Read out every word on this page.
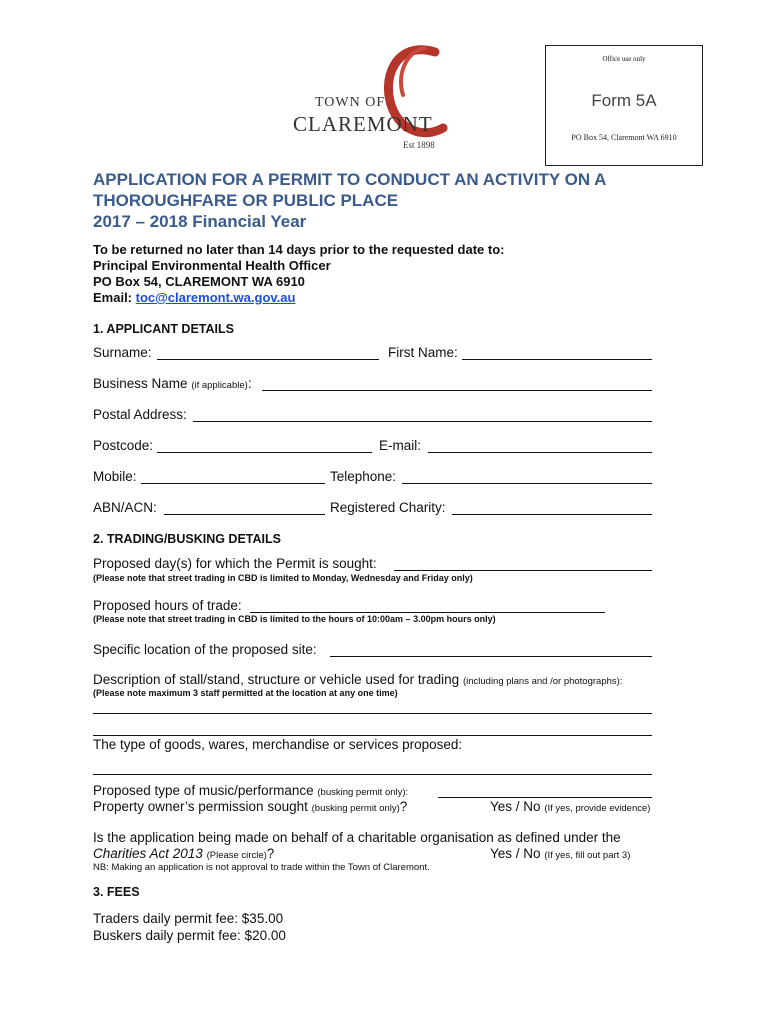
TOWN OF
CLAREMONT
Est 1898
Office use only
Form 5A
PO Box 54, Claremont WA 6910
APPLICATION FOR A PERMIT TO CONDUCT AN ACTIVITY ON A
THOROUGHFARE OR PUBLIC PLACE
2017 – 2018 Financial Year
To be returned no later than 14 days prior to the requested date to:
Principal Environmental Health Officer
PO Box 54, CLAREMONT WA 6910
Email: toc@claremont.wa.gov.au
1. APPLICANT DETAILS
Surname:	First Name:
Business Name (if applicable):
Postal Address:
Postcode:	E-mail:
Mobile:	Telephone:
ABN/ACN:	Registered Charity:
2. TRADING/BUSKING DETAILS
Proposed day(s) for which the Permit is sought:
(Please note that street trading in CBD is limited to Monday, Wednesday and Friday only)
Proposed hours of trade:
(Please note that street trading in CBD is limited to the hours of 10:00am – 3.00pm hours only)
Specific location of the proposed site:
Description of stall/stand, structure or vehicle used for trading (including plans and /or photographs):
(Please note maximum 3 staff permitted at the location at any one time)
The type of goods, wares, merchandise or services proposed:
Proposed type of music/performance (busking permit only):
Property owner’s permission sought (busking permit only)?	Yes / No (If yes, provide evidence)
Is the application being made on behalf of a charitable organisation as defined under the
Charities Act 2013 (Please circle)?	Yes / No (If yes, fill out part 3)
NB: Making an application is not approval to trade within the Town of Claremont.
3. FEES
Traders daily permit fee: $35.00
Buskers daily permit fee: $20.00
